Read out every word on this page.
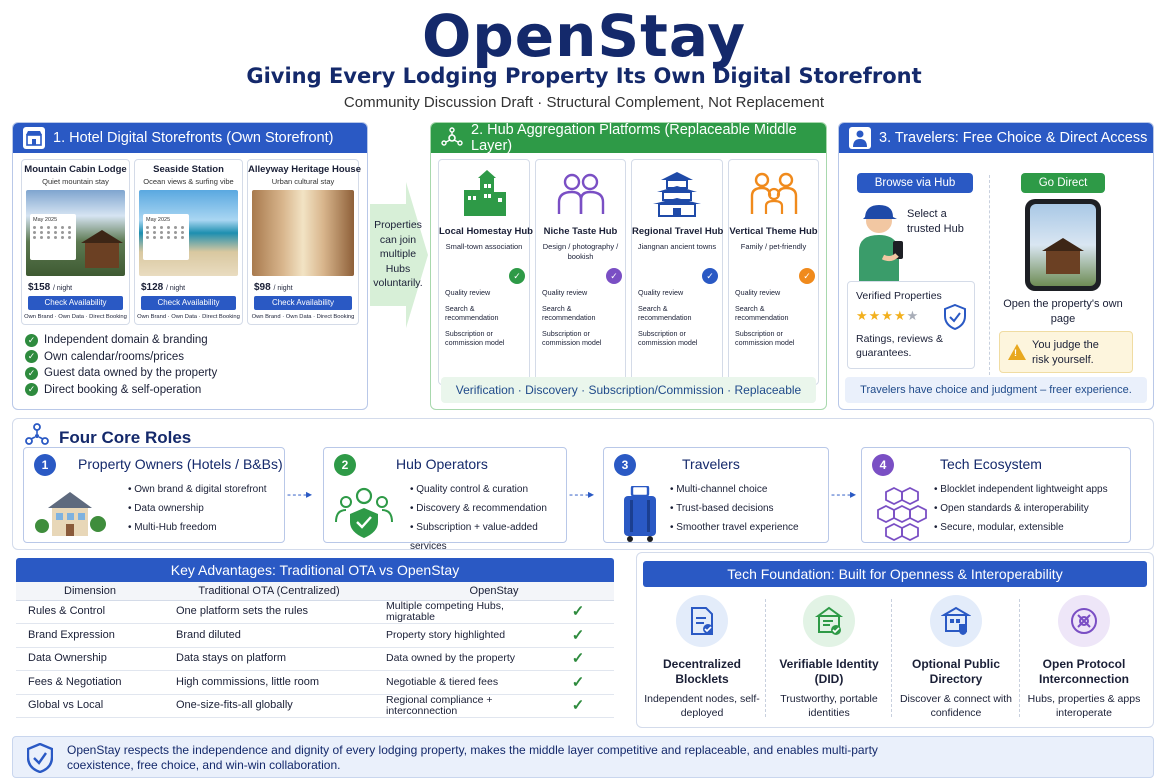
OpenStay
Giving Every Lodging Property Its Own Digital Storefront
Community Discussion Draft · Structural Complement, Not Replacement
1. Hotel Digital Storefronts (Own Storefront)
Mountain Cabin Lodge
Quiet mountain stay
May 2025
$158 / night
Check Availability
Own Brand · Own Data · Direct Booking
Seaside Station
Ocean views & surfing vibe
May 2025
$128 / night
Check Availability
Own Brand · Own Data · Direct Booking
Alleyway Heritage House
Urban cultural stay
$98 / night
Check Availability
Own Brand · Own Data · Direct Booking
✓ Independent domain & branding
✓ Own calendar/rooms/prices
✓ Guest data owned by the property
✓ Direct booking & self-operation
Properties can join multiple Hubs voluntarily.
2. Hub Aggregation Platforms (Replaceable Middle Layer)
Local Homestay Hub
Small-town association
✓
Quality review
Search & recommendation
Subscription or commission model
Niche Taste Hub
Design / photography / bookish
✓
Quality review
Search & recommendation
Subscription or commission model
Regional Travel Hub
Jiangnan ancient towns
✓
Quality review
Search & recommendation
Subscription or commission model
Vertical Theme Hub
Family / pet-friendly
✓
Quality review
Search & recommendation
Subscription or commission model
Verification · Discovery · Subscription/Commission · Replaceable
3. Travelers: Free Choice & Direct Access
Browse via Hub	Go Direct
Select a trusted Hub
Verified Properties
★★★★★
Ratings, reviews & guarantees.
Open the property's own page
!
You judge the risk yourself.
Travelers have choice and judgment – freer experience.
Four Core Roles
1	Property Owners (Hotels / B&Bs)
• Own brand & digital storefront
• Data ownership
• Multi-Hub freedom
- - - -▸
2	Hub Operators
• Quality control & curation
• Discovery & recommendation
• Subscription + value-added services
- - - -▸
3	Travelers
• Multi-channel choice
• Trust-based decisions
• Smoother travel experience
- - - -▸
4	Tech Ecosystem
• Blocklet independent lightweight apps
• Open standards & interoperability
• Secure, modular, extensible
Key Advantages: Traditional OTA vs OpenStay
Dimension	Traditional OTA (Centralized)	OpenStay	
Rules & Control	One platform sets the rules	Multiple competing Hubs, migratable	✓
Brand Expression	Brand diluted	Property story highlighted	✓
Data Ownership	Data stays on platform	Data owned by the property	✓
Fees & Negotiation	High commissions, little room	Negotiable & tiered fees	✓
Global vs Local	One-size-fits-all globally	Regional compliance + interconnection	✓
Tech Foundation: Built for Openness & Interoperability
Decentralized Blocklets
Independent nodes, self-deployed
Verifiable Identity (DID)
Trustworthy, portable identities
Optional Public Directory
Discover & connect with confidence
Open Protocol Interconnection
Hubs, properties & apps interoperate
OpenStay respects the independence and dignity of every lodging property, makes the middle layer competitive and replaceable, and enables multi-party coexistence, free choice, and win-win collaboration.
